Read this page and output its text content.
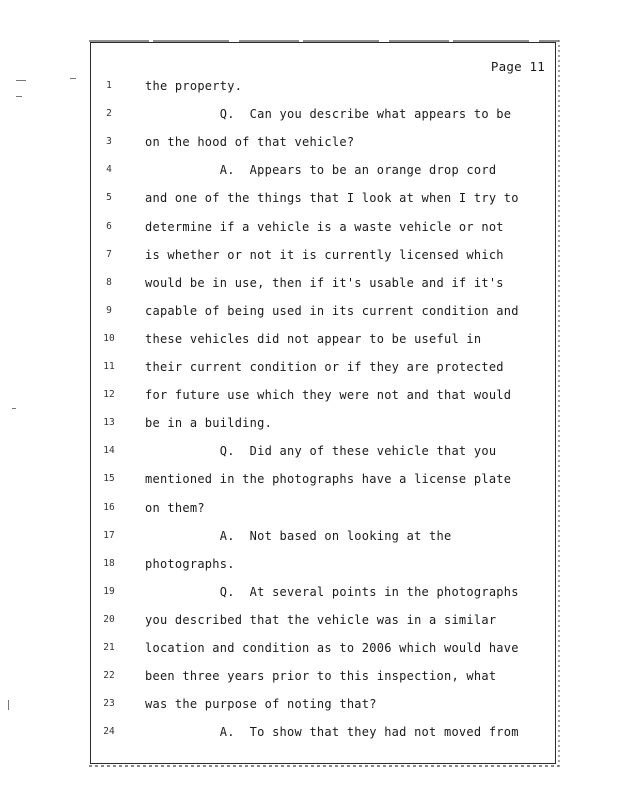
Page 11
1	the property.
2	Q.  Can you describe what appears to be
3	on the hood of that vehicle?
4	A.  Appears to be an orange drop cord
5	and one of the things that I look at when I try to
6	determine if a vehicle is a waste vehicle or not
7	is whether or not it is currently licensed which
8	would be in use, then if it's usable and if it's
9	capable of being used in its current condition and
10	these vehicles did not appear to be useful in
11	their current condition or if they are protected
12	for future use which they were not and that would
13	be in a building.
14	Q.  Did any of these vehicle that you
15	mentioned in the photographs have a license plate
16	on them?
17	A.  Not based on looking at the
18	photographs.
19	Q.  At several points in the photographs
20	you described that the vehicle was in a similar
21	location and condition as to 2006 which would have
22	been three years prior to this inspection, what
23	was the purpose of noting that?
24	A.  To show that they had not moved from
